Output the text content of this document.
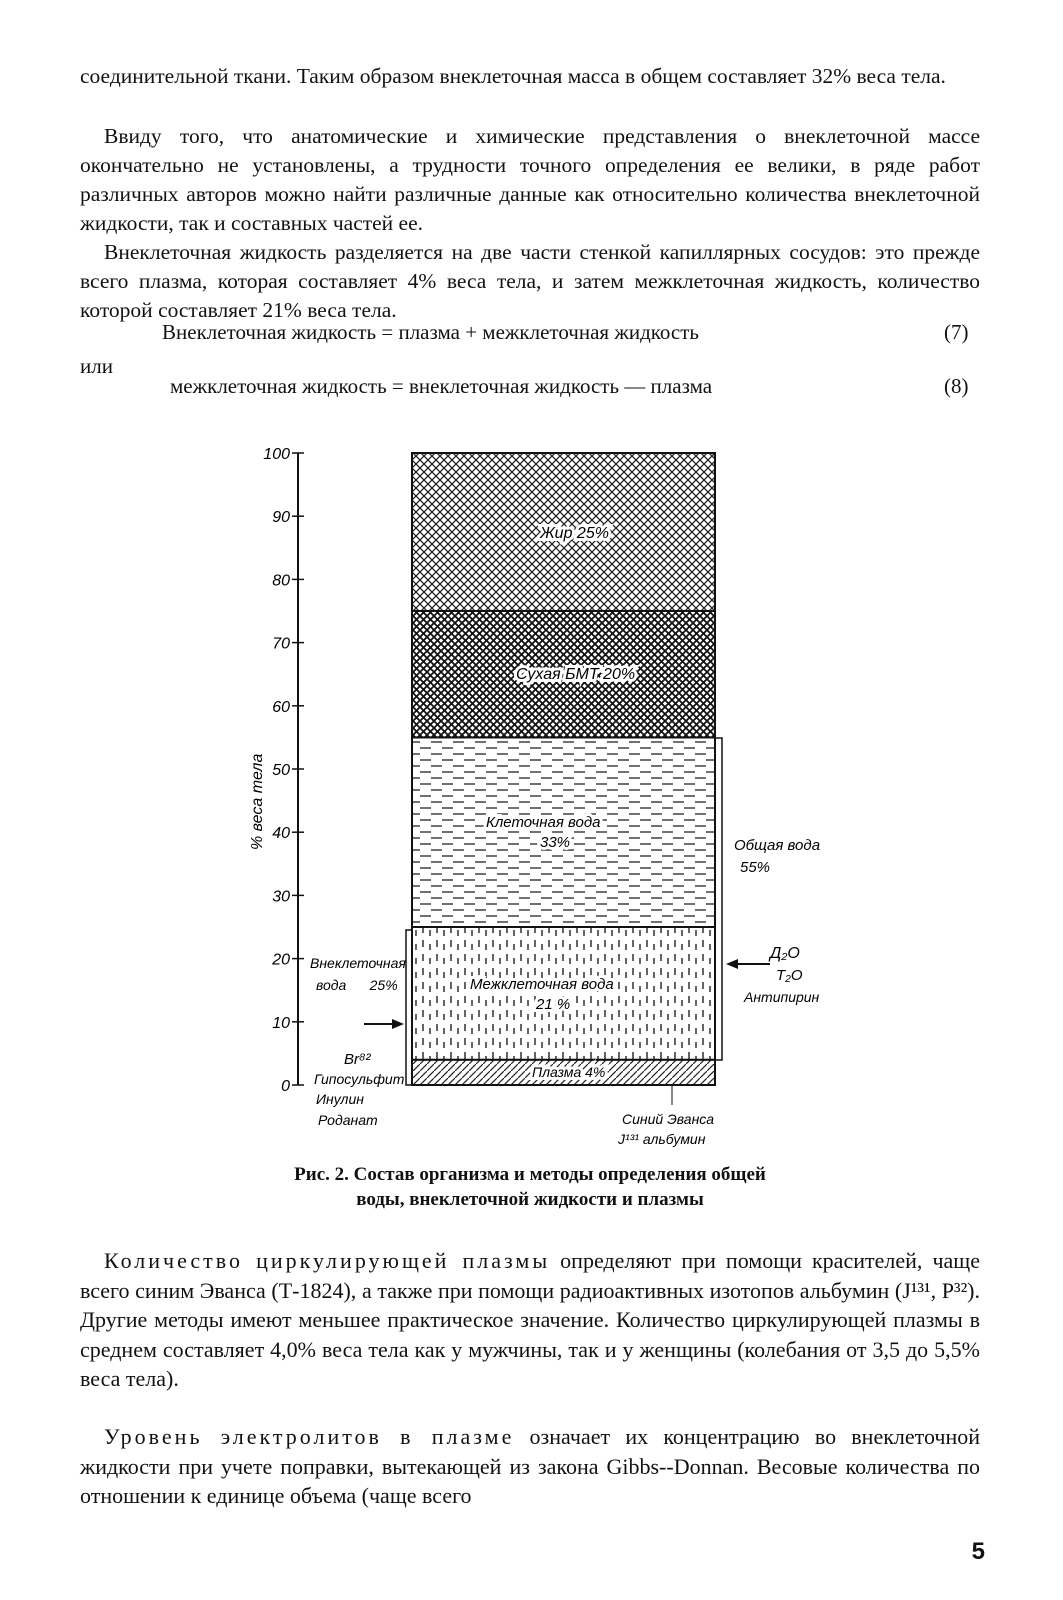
соединительной ткани. Таким образом внеклеточная масса в общем составляет 32% веса тела.

Ввиду того, что анатомические и химические представления о внеклеточной массе окончательно не установлены, а трудности точного определения ее велики, в ряде работ различных авторов можно найти различные данные как относительно количества внеклеточной жидкости, так и составных частей ее.

Внеклеточная жидкость разделяется на две части стенкой капиллярных сосудов: это прежде всего плазма, которая составляет 4% веса тела, и затем межклеточная жидкость, количество которой составляет 21% веса тела.

Внеклеточная жидкость = плазма + межклеточная жидкость	(7)
или
межклеточная жидкость = внеклеточная жидкость — плазма	(8)
100
90
80
70
60
50
40
30
20
10
0
% веса тела
Жир 25%
Сухая БМТ 20%
Клеточная вода
33%
Межклеточная вода
21 %
Плазма 4%
Общая вода
55%
Д₂О
Т₂О
Антипирин
Синий Эванса
J¹³¹ альбумин
Внеклеточная
вода      25%
Br⁸²
Гипосульфит
Инулин
Роданат
Рис. 2. Состав организма и методы определения общей
воды, внеклеточной жидкости и плазмы

Количество циркулирующей плазмы определяют при помощи красителей, чаще всего синим Эванса (Т-1824), а также при помощи радиоактивных изотопов альбумин (J¹³¹, P³²). Другие методы имеют меньшее практическое значение. Количество циркулирующей плазмы в среднем составляет 4,0% веса тела как у мужчины, так и у женщины (колебания от 3,5 до 5,5% веса тела).

Уровень электролитов в плазме означает их концентрацию во внеклеточной жидкости при учете поправки, вытекающей из закона Gibbs--Donnan. Весовые количества по отношении к единице объема (чаще всего

5
